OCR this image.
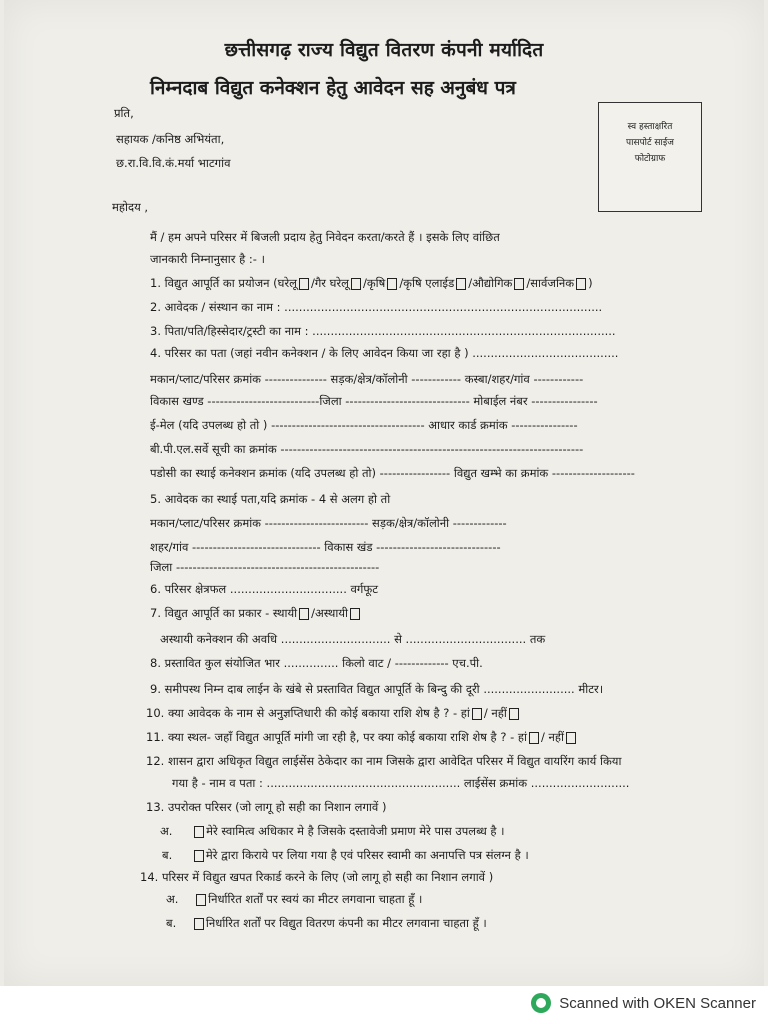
छत्तीसगढ़ राज्य विद्युत वितरण कंपनी मर्यादित
निम्नदाब विद्युत कनेक्शन हेतु आवेदन सह अनुबंध पत्र
स्व हस्ताक्षरित
पासपोर्ट साईज
फोटोग्राफ
प्रति,
सहायक /कनिष्ठ अभियंता,
छ.रा.वि.वि.कं.मर्या भाटगांव
महोदय ,
मैं / हम अपने परिसर में बिजली प्रदाय हेतु निवेदन करता/करते हैं । इसके लिए वांछित
जानकारी निम्नानुसार है :- ।
1. विद्युत आपूर्ति का प्रयोजन (घरेलू /गैर घरेलू /कृषि /कृषि एलाईड /औद्योगिक /सार्वजनिक )
2. आवेदक / संस्थान का नाम : .......................................................................................
3. पिता/पति/हिस्सेदार/ट्रस्टी का नाम : ...................................................................................
4. परिसर का पता (जहां नवीन कनेक्शन / के लिए आवेदन किया जा रहा है ) ........................................
मकान/प्लाट/परिसर क्रमांक --------------- सड़क/क्षेत्र/कॉलोनी ------------ कस्बा/शहर/गांव ------------
विकास खण्ड ---------------------------जिला ------------------------------ मोबाईल नंबर ----------------
ई-मेल (यदि उपलब्ध हो तो ) ------------------------------------- आधार कार्ड क्रमांक ----------------
बी.पी.एल.सर्वे सूची का क्रमांक -------------------------------------------------------------------------
पडोसी का स्थाई कनेक्शन क्रमांक (यदि उपलब्ध हो तो) ----------------- विद्युत खम्भे का क्रमांक --------------------
5. आवेदक का स्थाई पता,यदि क्रमांक - 4 से अलग हो तो
मकान/प्लाट/परिसर क्रमांक ------------------------- सड़क/क्षेत्र/कॉलोनी -------------
शहर/गांव ------------------------------- विकास खंड ------------------------------
जिला -------------------------------------------------
6. परिसर क्षेत्रफल ................................ वर्गफूट
7. विद्युत आपूर्ति का प्रकार - स्थायी /अस्थायी
अस्थायी कनेक्शन की अवधि .............................. से ................................. तक
8. प्रस्तावित कुल संयोजित भार ............... किलो वाट / ------------- एच.पी.
9. समीपस्थ निम्न दाब लाईन के खंबे से प्रस्तावित विद्युत आपूर्ति के बिन्दु की दूरी ......................... मीटर।
10. क्या आवेदक के नाम से अनुज्ञप्तिधारी की कोई बकाया राशि शेष है ? - हां / नहीं
11. क्या स्थल- जहाँ विद्युत आपूर्ति मांगी जा रही है, पर क्या कोई बकाया राशि शेष है ? - हां / नहीं
12. शासन द्वारा अधिकृत विद्युत लाईसेंस ठेकेदार का नाम जिसके द्वारा आवेदित परिसर में विद्युत वायरिंग कार्य किया
गया है - नाम व पता : ..................................................... लाईसेंस क्रमांक ...........................
13. उपरोक्त परिसर (जो लागू हो सही का निशान लगावें )
अ.	मेरे स्वामित्व अधिकार मे है जिसके दस्तावेजी प्रमाण मेरे पास उपलब्ध है ।
ब.	मेरे द्वारा किराये पर लिया गया है एवं परिसर स्वामी का अनापत्ति पत्र संलग्न है ।
14. परिसर में विद्युत खपत रिकार्ड करने के लिए (जो लागू हो सही का निशान लगावें )
अ.	निर्धारित शर्तों पर स्वयं का मीटर लगवाना चाहता हूँ ।
ब.	निर्धारित शर्तों पर विद्युत वितरण कंपनी का मीटर लगवाना चाहता हूँ ।
Scanned with OKEN Scanner
